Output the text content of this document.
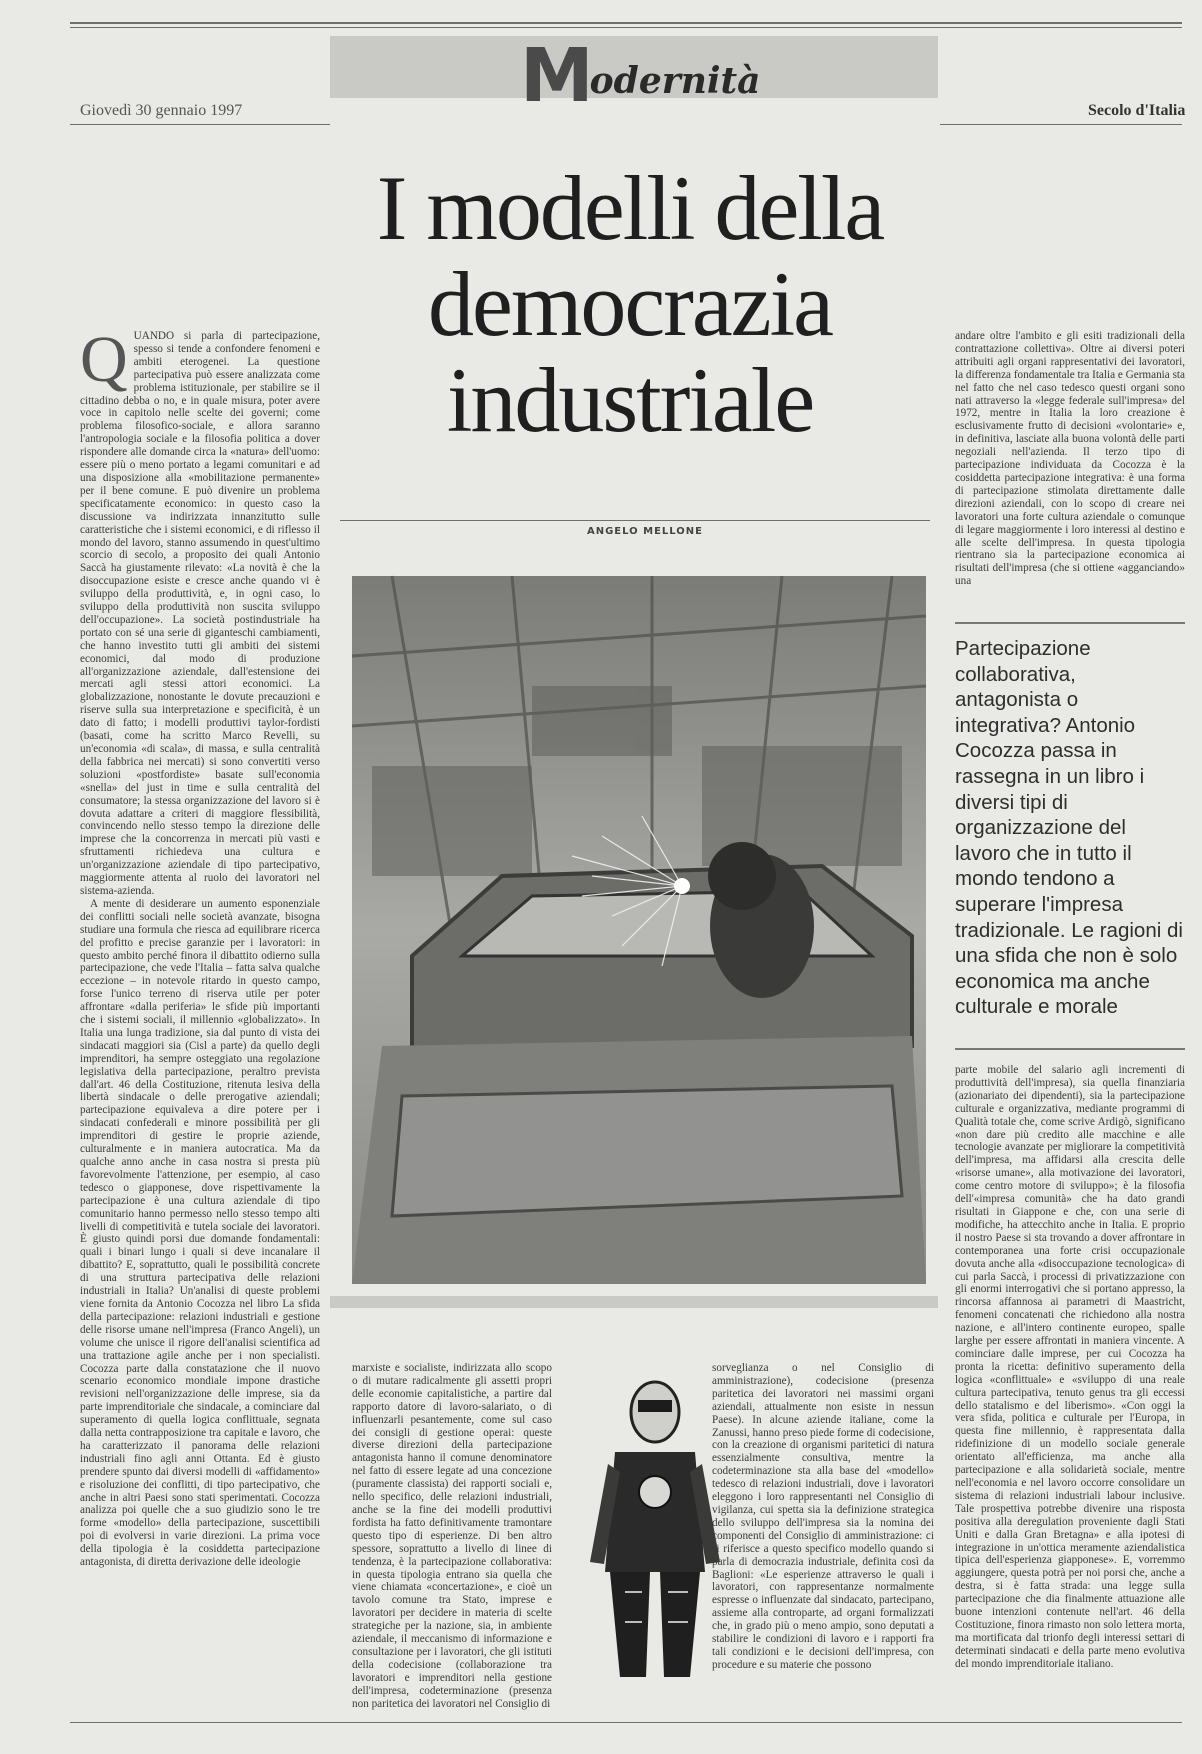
M
odernità
Giovedì 30 gennaio 1997	Secolo d'Italia
I modelli della democrazia industriale
ANGELO MELLONE

QUANDO si parla di partecipazione, spesso si tende a confondere fenomeni e ambiti eterogenei. La questione partecipativa può essere analizzata come problema istituzionale, per stabilire se il cittadino debba o no, e in quale misura, poter avere voce in capitolo nelle scelte dei governi; come problema filosofico-sociale, e allora saranno l'antropologia sociale e la filosofia politica a dover rispondere alle domande circa la «natura» dell'uomo: essere più o meno portato a legami comunitari e ad una disposizione alla «mobilitazione permanente» per il bene comune. E può divenire un problema specificatamente economico: in questo caso la discussione va indirizzata innanzitutto sulle caratteristiche che i sistemi economici, e di riflesso il mondo del lavoro, stanno assumendo in quest'ultimo scorcio di secolo, a proposito dei quali Antonio Saccà ha giustamente rilevato: «La novità è che la disoccupazione esiste e cresce anche quando vi è sviluppo della produttività, e, in ogni caso, lo sviluppo della produttività non suscita sviluppo dell'occupazione». La società postindustriale ha portato con sé una serie di giganteschi cambiamenti, che hanno investito tutti gli ambiti dei sistemi economici, dal modo di produzione all'organizzazione aziendale, dall'estensione dei mercati agli stessi attori economici. La globalizzazione, nonostante le dovute precauzioni e riserve sulla sua interpretazione e specificità, è un dato di fatto; i modelli produttivi taylor-fordisti (basati, come ha scritto Marco Revelli, su un'economia «di scala», di massa, e sulla centralità della fabbrica nei mercati) si sono convertiti verso soluzioni «postfordiste» basate sull'economia «snella» del just in time e sulla centralità del consumatore; la stessa organizzazione del lavoro si è dovuta adattare a criteri di maggiore flessibilità, convincendo nello stesso tempo la direzione delle imprese che la concorrenza in mercati più vasti e sfruttamenti richiedeva una cultura e un'organizzazione aziendale di tipo partecipativo, maggiormente attenta al ruolo dei lavoratori nel sistema-azienda.

A mente di desiderare un aumento esponenziale dei conflitti sociali nelle società avanzate, bisogna studiare una formula che riesca ad equilibrare ricerca del profitto e precise garanzie per i lavoratori: in questo ambito perché finora il dibattito odierno sulla partecipazione, che vede l'Italia – fatta salva qualche eccezione – in notevole ritardo in questo campo, forse l'unico terreno di riserva utile per poter affrontare «dalla periferia» le sfide più importanti che i sistemi sociali, il millennio «globalizzato». In Italia una lunga tradizione, sia dal punto di vista dei sindacati maggiori sia (Cisl a parte) da quello degli imprenditori, ha sempre osteggiato una regolazione legislativa della partecipazione, peraltro prevista dall'art. 46 della Costituzione, ritenuta lesiva della libertà sindacale o delle prerogative aziendali; partecipazione equivaleva a dire potere per i sindacati confederali e minore possibilità per gli imprenditori di gestire le proprie aziende, culturalmente e in maniera autocratica. Ma da qualche anno anche in casa nostra si presta più favorevolmente l'attenzione, per esempio, al caso tedesco o giapponese, dove rispettivamente la partecipazione è una cultura aziendale di tipo comunitario hanno permesso nello stesso tempo alti livelli di competitività e tutela sociale dei lavoratori. È giusto quindi porsi due domande fondamentali: quali i binari lungo i quali si deve incanalare il dibattito? E, soprattutto, quali le possibilità concrete di una struttura partecipativa delle relazioni industriali in Italia? Un'analisi di queste problemi viene fornita da Antonio Cocozza nel libro La sfida della partecipazione: relazioni industriali e gestione delle risorse umane nell'impresa (Franco Angeli), un volume che unisce il rigore dell'analisi scientifica ad una trattazione agile anche per i non specialisti. Cocozza parte dalla constatazione che il nuovo scenario economico mondiale impone drastiche revisioni nell'organizzazione delle imprese, sia da parte imprenditoriale che sindacale, a cominciare dal superamento di quella logica conflittuale, segnata dalla netta contrapposizione tra capitale e lavoro, che ha caratterizzato il panorama delle relazioni industriali fino agli anni Ottanta. Ed è giusto prendere spunto dai diversi modelli di «affidamento» e risoluzione dei conflitti, di tipo partecipativo, che anche in altri Paesi sono stati sperimentati. Cocozza analizza poi quelle che a suo giudizio sono le tre forme «modello» della partecipazione, suscettibili poi di evolversi in varie direzioni. La prima voce della tipologia è la cosiddetta partecipazione antagonista, di diretta derivazione delle ideologie

marxiste e socialiste, indirizzata allo scopo o di mutare radicalmente gli assetti propri delle economie capitalistiche, a partire dal rapporto datore di lavoro-salariato, o di influenzarli pesantemente, come sul caso dei consigli di gestione operai: queste diverse direzioni della partecipazione antagonista hanno il comune denominatore nel fatto di essere legate ad una concezione (puramente classista) dei rapporti sociali e, nello specifico, delle relazioni industriali, anche se la fine dei modelli produttivi fordista ha fatto definitivamente tramontare questo tipo di esperienze. Di ben altro spessore, soprattutto a livello di linee di tendenza, è la partecipazione collaborativa: in questa tipologia entrano sia quella che viene chiamata «concertazione», e cioè un tavolo comune tra Stato, imprese e lavoratori per decidere in materia di scelte strategiche per la nazione, sia, in ambiente aziendale, il meccanismo di informazione e consultazione per i lavoratori, che gli istituti della codecisione (collaborazione tra lavoratori e imprenditori nella gestione dell'impresa, codeterminazione (presenza non paritetica dei lavoratori nel Consiglio di

sorveglianza o nel Consiglio di amministrazione), codecisione (presenza paritetica dei lavoratori nei massimi organi aziendali, attualmente non esiste in nessun Paese). In alcune aziende italiane, come la Zanussi, hanno preso piede forme di codecisione, con la creazione di organismi paritetici di natura essenzialmente consultiva, mentre la codeterminazione sta alla base del «modello» tedesco di relazioni industriali, dove i lavoratori eleggono i loro rappresentanti nel Consiglio di vigilanza, cui spetta sia la definizione strategica dello sviluppo dell'impresa sia la nomina dei componenti del Consiglio di amministrazione: ci si riferisce a questo specifico modello quando si parla di democrazia industriale, definita così da Baglioni: «Le esperienze attraverso le quali i lavoratori, con rappresentanze normalmente espresse o influenzate dal sindacato, partecipano, assieme alla controparte, ad organi formalizzati che, in grado più o meno ampio, sono deputati a stabilire le condizioni di lavoro e i rapporti fra tali condizioni e le decisioni dell'impresa, con procedure e su materie che possono

andare oltre l'ambito e gli esiti tradizionali della contrattazione collettiva». Oltre ai diversi poteri attribuiti agli organi rappresentativi dei lavoratori, la differenza fondamentale tra Italia e Germania sta nel fatto che nel caso tedesco questi organi sono nati attraverso la «legge federale sull'impresa» del 1972, mentre in Italia la loro creazione è esclusivamente frutto di decisioni «volontarie» e, in definitiva, lasciate alla buona volontà delle parti negoziali nell'azienda. Il terzo tipo di partecipazione individuata da Cocozza è la cosiddetta partecipazione integrativa: è una forma di partecipazione stimolata direttamente dalle direzioni aziendali, con lo scopo di creare nei lavoratori una forte cultura aziendale o comunque di legare maggiormente i loro interessi al destino e alle scelte dell'impresa. In questa tipologia rientrano sia la partecipazione economica ai risultati dell'impresa (che si ottiene «agganciando» una

Partecipazione collaborativa, antagonista o integrativa? Antonio Cocozza passa in rassegna in un libro i diversi tipi di organizzazione del lavoro che in tutto il mondo tendono a superare l'impresa tradizionale. Le ragioni di una sfida che non è solo economica ma anche culturale e morale

parte mobile del salario agli incrementi di produttività dell'impresa), sia quella finanziaria (azionariato dei dipendenti), sia la partecipazione culturale e organizzativa, mediante programmi di Qualità totale che, come scrive Ardigò, significano «non dare più credito alle macchine e alle tecnologie avanzate per migliorare la competitività dell'impresa, ma affidarsi alla crescita delle «risorse umane», alla motivazione dei lavoratori, come centro motore di sviluppo»; è la filosofia dell'«impresa comunità» che ha dato grandi risultati in Giappone e che, con una serie di modifiche, ha attecchito anche in Italia. E proprio il nostro Paese si sta trovando a dover affrontare in contemporanea una forte crisi occupazionale dovuta anche alla «disoccupazione tecnologica» di cui parla Saccà, i processi di privatizzazione con gli enormi interrogativi che si portano appresso, la rincorsa affannosa ai parametri di Maastricht, fenomeni concatenati che richiedono alla nostra nazione, e all'intero continente europeo, spalle larghe per essere affrontati in maniera vincente. A cominciare dalle imprese, per cui Cocozza ha pronta la ricetta: definitivo superamento della logica «conflittuale» e «sviluppo di una reale cultura partecipativa, tenuto genus tra gli eccessi dello statalismo e del liberismo». «Con oggi la vera sfida, politica e culturale per l'Europa, in questa fine millennio, è rappresentata dalla ridefinizione di un modello sociale generale orientato all'efficienza, ma anche alla partecipazione e alla solidarietà sociale, mentre nell'economia e nel lavoro occorre consolidare un sistema di relazioni industriali labour inclusive. Tale prospettiva potrebbe divenire una risposta positiva alla deregulation proveniente dagli Stati Uniti e dalla Gran Bretagna» e alla ipotesi di integrazione in un'ottica meramente aziendalistica tipica dell'esperienza giapponese». E, vorremmo aggiungere, questa potrà per noi porsi che, anche a destra, si è fatta strada: una legge sulla partecipazione che dia finalmente attuazione alle buone intenzioni contenute nell'art. 46 della Costituzione, finora rimasto non solo lettera morta, ma mortificata dal trionfo degli interessi settari di determinati sindacati e della parte meno evolutiva del mondo imprenditoriale italiano.
